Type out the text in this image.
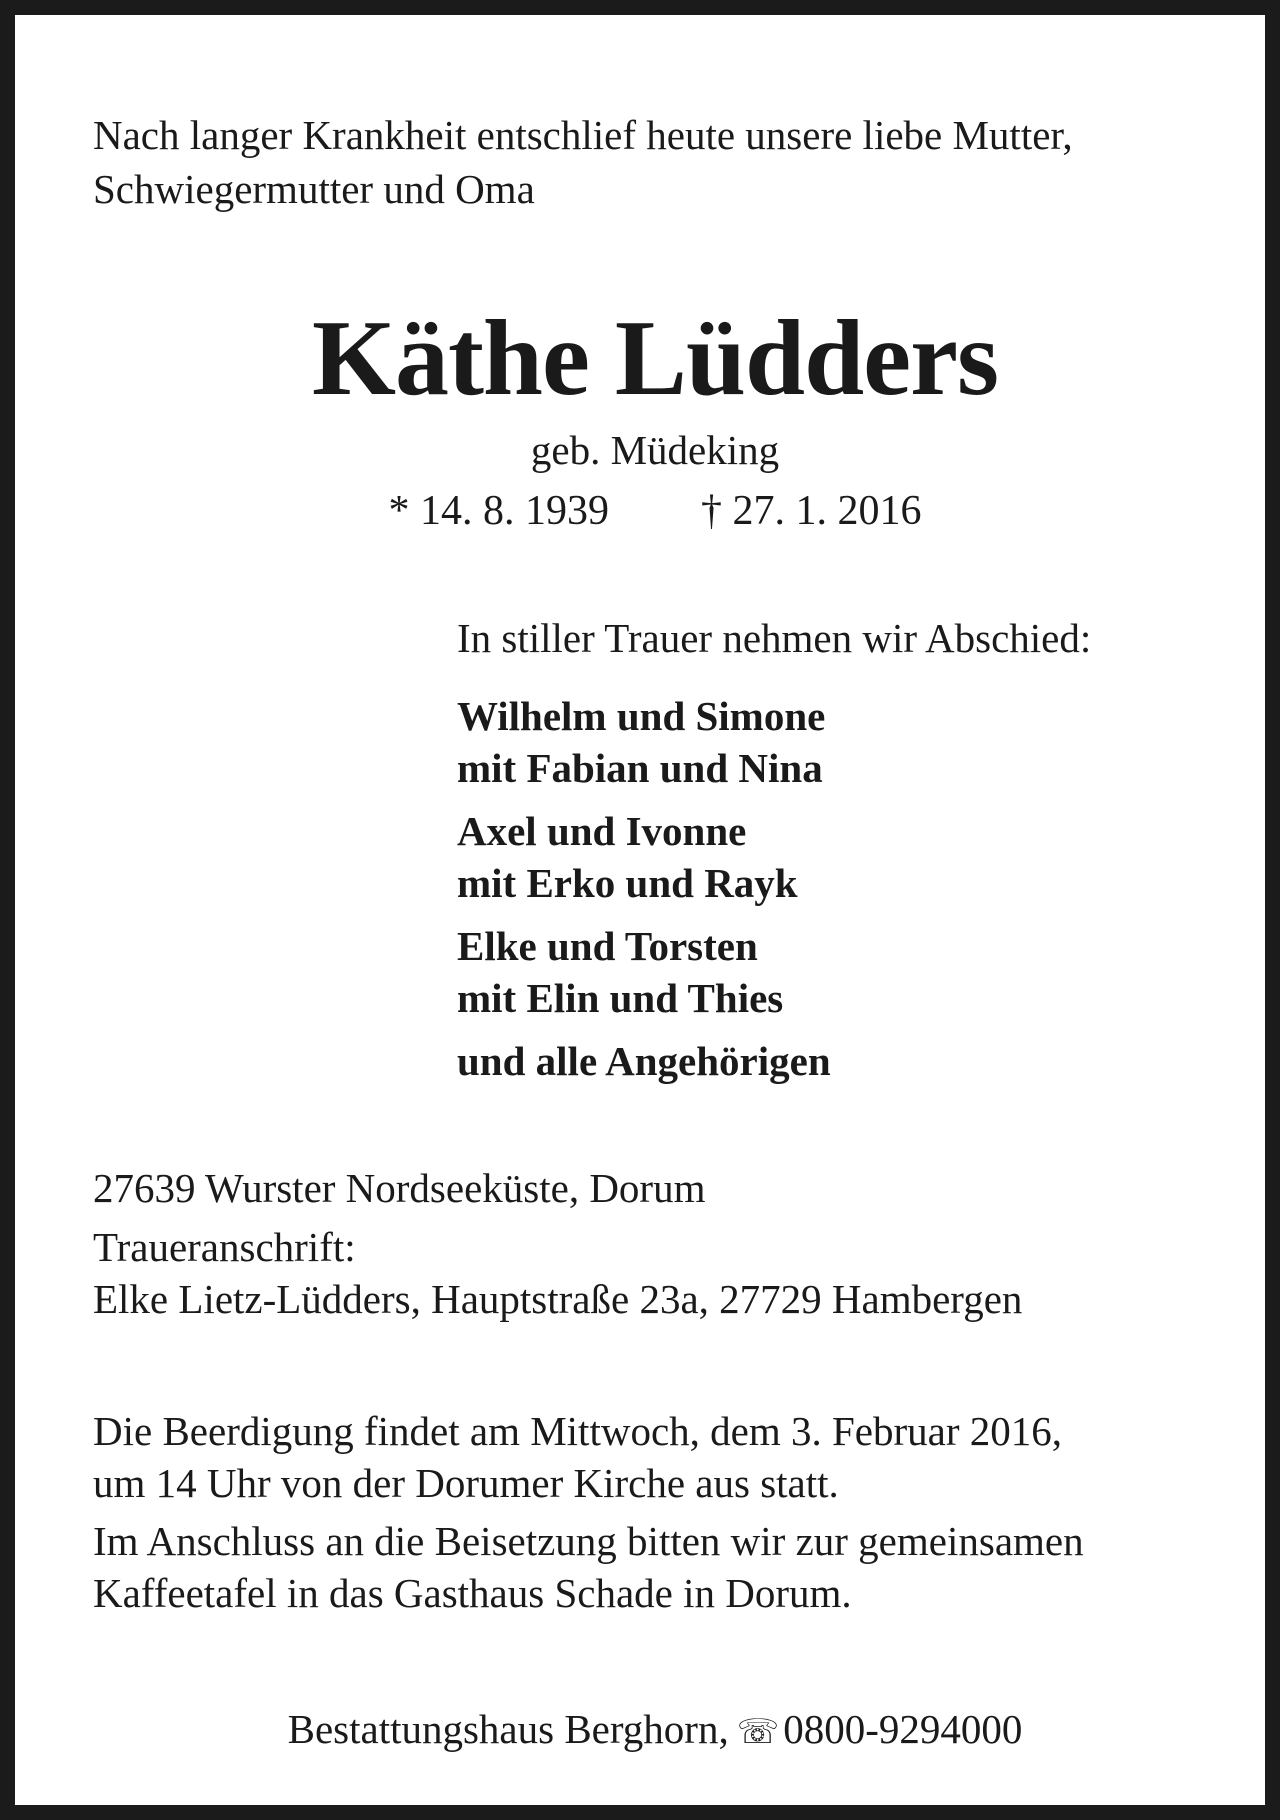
Nach langer Krankheit entschlief heute unsere liebe Mutter,
Schwiegermutter und Oma
Käthe Lüdders
geb. Müdeking
* 14. 8. 1939 † 27. 1. 2016
In stiller Trauer nehmen wir Abschied:
Wilhelm und Simone
mit Fabian und Nina
Axel und Ivonne
mit Erko und Rayk
Elke und Torsten
mit Elin und Thies
und alle Angehörigen
27639 Wurster Nordseeküste, Dorum
Traueranschrift:
Elke Lietz-Lüdders, Hauptstraße 23a, 27729 Hambergen
Die Beerdigung findet am Mittwoch, dem 3. Februar 2016,
um 14 Uhr von der Dorumer Kirche aus statt.
Im Anschluss an die Beisetzung bitten wir zur gemeinsamen
Kaffeetafel in das Gasthaus Schade in Dorum.
Bestattungshaus Berghorn, ☏0800-9294000
